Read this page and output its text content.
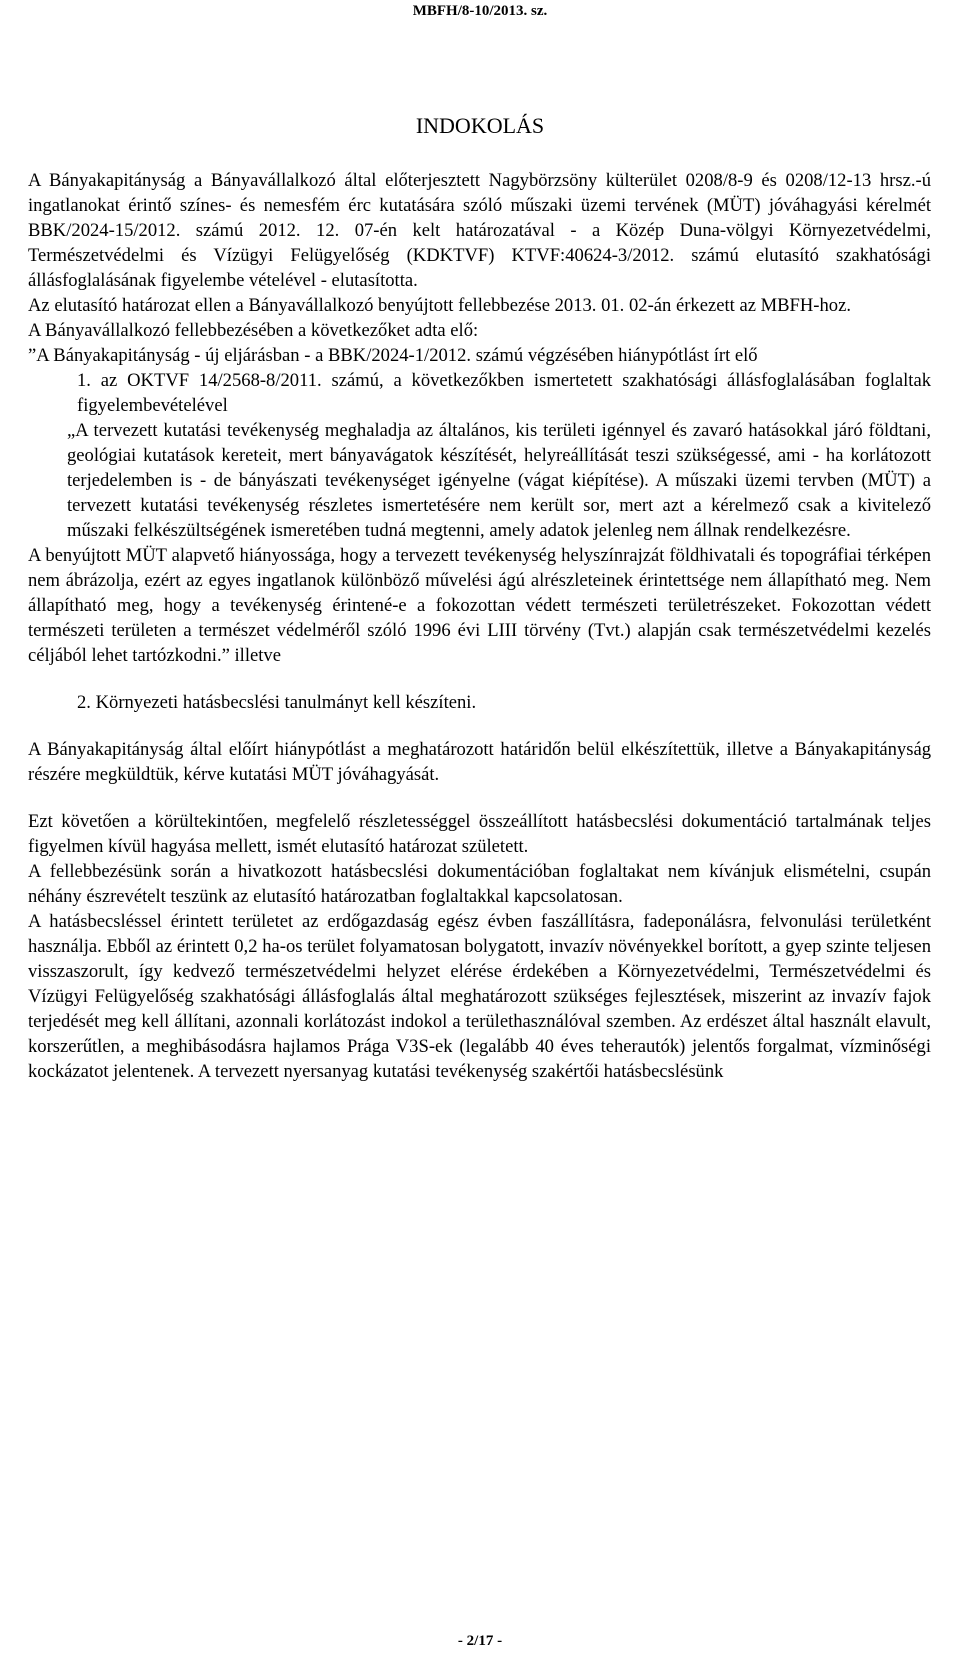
MBFH/8-10/2013. sz.
INDOKOLÁS

A Bányakapitányság a Bányavállalkozó által előterjesztett Nagybörzsöny külterület 0208/8-9 és 0208/12-13 hrsz.-ú ingatlanokat érintő színes- és nemesfém érc kutatására szóló műszaki üzemi tervének (MÜT) jóváhagyási kérelmét BBK/2024-15/2012. számú 2012. 12. 07-én kelt határozatával - a Közép Duna-völgyi Környezetvédelmi, Természetvédelmi és Vízügyi Felügyelőség (KDKTVF) KTVF:40624-3/2012. számú elutasító szakhatósági állásfoglalásának figyelembe vételével - elutasította.

Az elutasító határozat ellen a Bányavállalkozó benyújtott fellebbezése 2013. 01. 02-án érkezett az MBFH-hoz.

A Bányavállalkozó fellebbezésében a következőket adta elő:

”A Bányakapitányság - új eljárásban - a BBK/2024-1/2012. számú végzésében hiánypótlást írt elő

1. az OKTVF 14/2568-8/2011. számú, a következőkben ismertetett szakhatósági állásfoglalásában foglaltak figyelembevételével

„A tervezett kutatási tevékenység meghaladja az általános, kis területi igénnyel és zavaró hatásokkal járó földtani, geológiai kutatások kereteit, mert bányavágatok készítését, helyreállítását teszi szükségessé, ami - ha korlátozott terjedelemben is - de bányászati tevékenységet igényelne (vágat kiépítése). A műszaki üzemi tervben (MÜT) a tervezett kutatási tevékenység részletes ismertetésére nem került sor, mert azt a kérelmező csak a kivitelező műszaki felkészültségének ismeretében tudná megtenni, amely adatok jelenleg nem állnak rendelkezésre.

A benyújtott MÜT alapvető hiányossága, hogy a tervezett tevékenység helyszínrajzát földhivatali és topográfiai térképen nem ábrázolja, ezért az egyes ingatlanok különböző művelési ágú alrészleteinek érintettsége nem állapítható meg. Nem állapítható meg, hogy a tevékenység érintené-e a fokozottan védett természeti területrészeket. Fokozottan védett természeti területen a természet védelméről szóló 1996 évi LIII törvény (Tvt.) alapján csak természetvédelmi kezelés céljából lehet tartózkodni.” illetve

2. Környezeti hatásbecslési tanulmányt kell készíteni.

A Bányakapitányság által előírt hiánypótlást a meghatározott határidőn belül elkészítettük, illetve a Bányakapitányság részére megküldtük, kérve kutatási MÜT jóváhagyását.

Ezt követően a körültekintően, megfelelő részletességgel összeállított hatásbecslési dokumentáció tartalmának teljes figyelmen kívül hagyása mellett, ismét elutasító határozat született.

A fellebbezésünk során a hivatkozott hatásbecslési dokumentációban foglaltakat nem kívánjuk elismételni, csupán néhány észrevételt teszünk az elutasító határozatban foglaltakkal kapcsolatosan.

A hatásbecsléssel érintett területet az erdőgazdaság egész évben faszállításra, fadeponálásra, felvonulási területként használja. Ebből az érintett 0,2 ha-os terület folyamatosan bolygatott, invazív növényekkel borított, a gyep szinte teljesen visszaszorult, így kedvező természetvédelmi helyzet elérése érdekében a Környezetvédelmi, Természetvédelmi és Vízügyi Felügyelőség szakhatósági állásfoglalás által meghatározott szükséges fejlesztések, miszerint az invazív fajok terjedését meg kell állítani, azonnali korlátozást indokol a területhasználóval szemben. Az erdészet által használt elavult, korszerűtlen, a meghibásodásra hajlamos Prága V3S-ek (legalább 40 éves teherautók) jelentős forgalmat, vízminőségi kockázatot jelentenek. A tervezett nyersanyag kutatási tevékenység szakértői hatásbecslésünk

- 2/17 -
